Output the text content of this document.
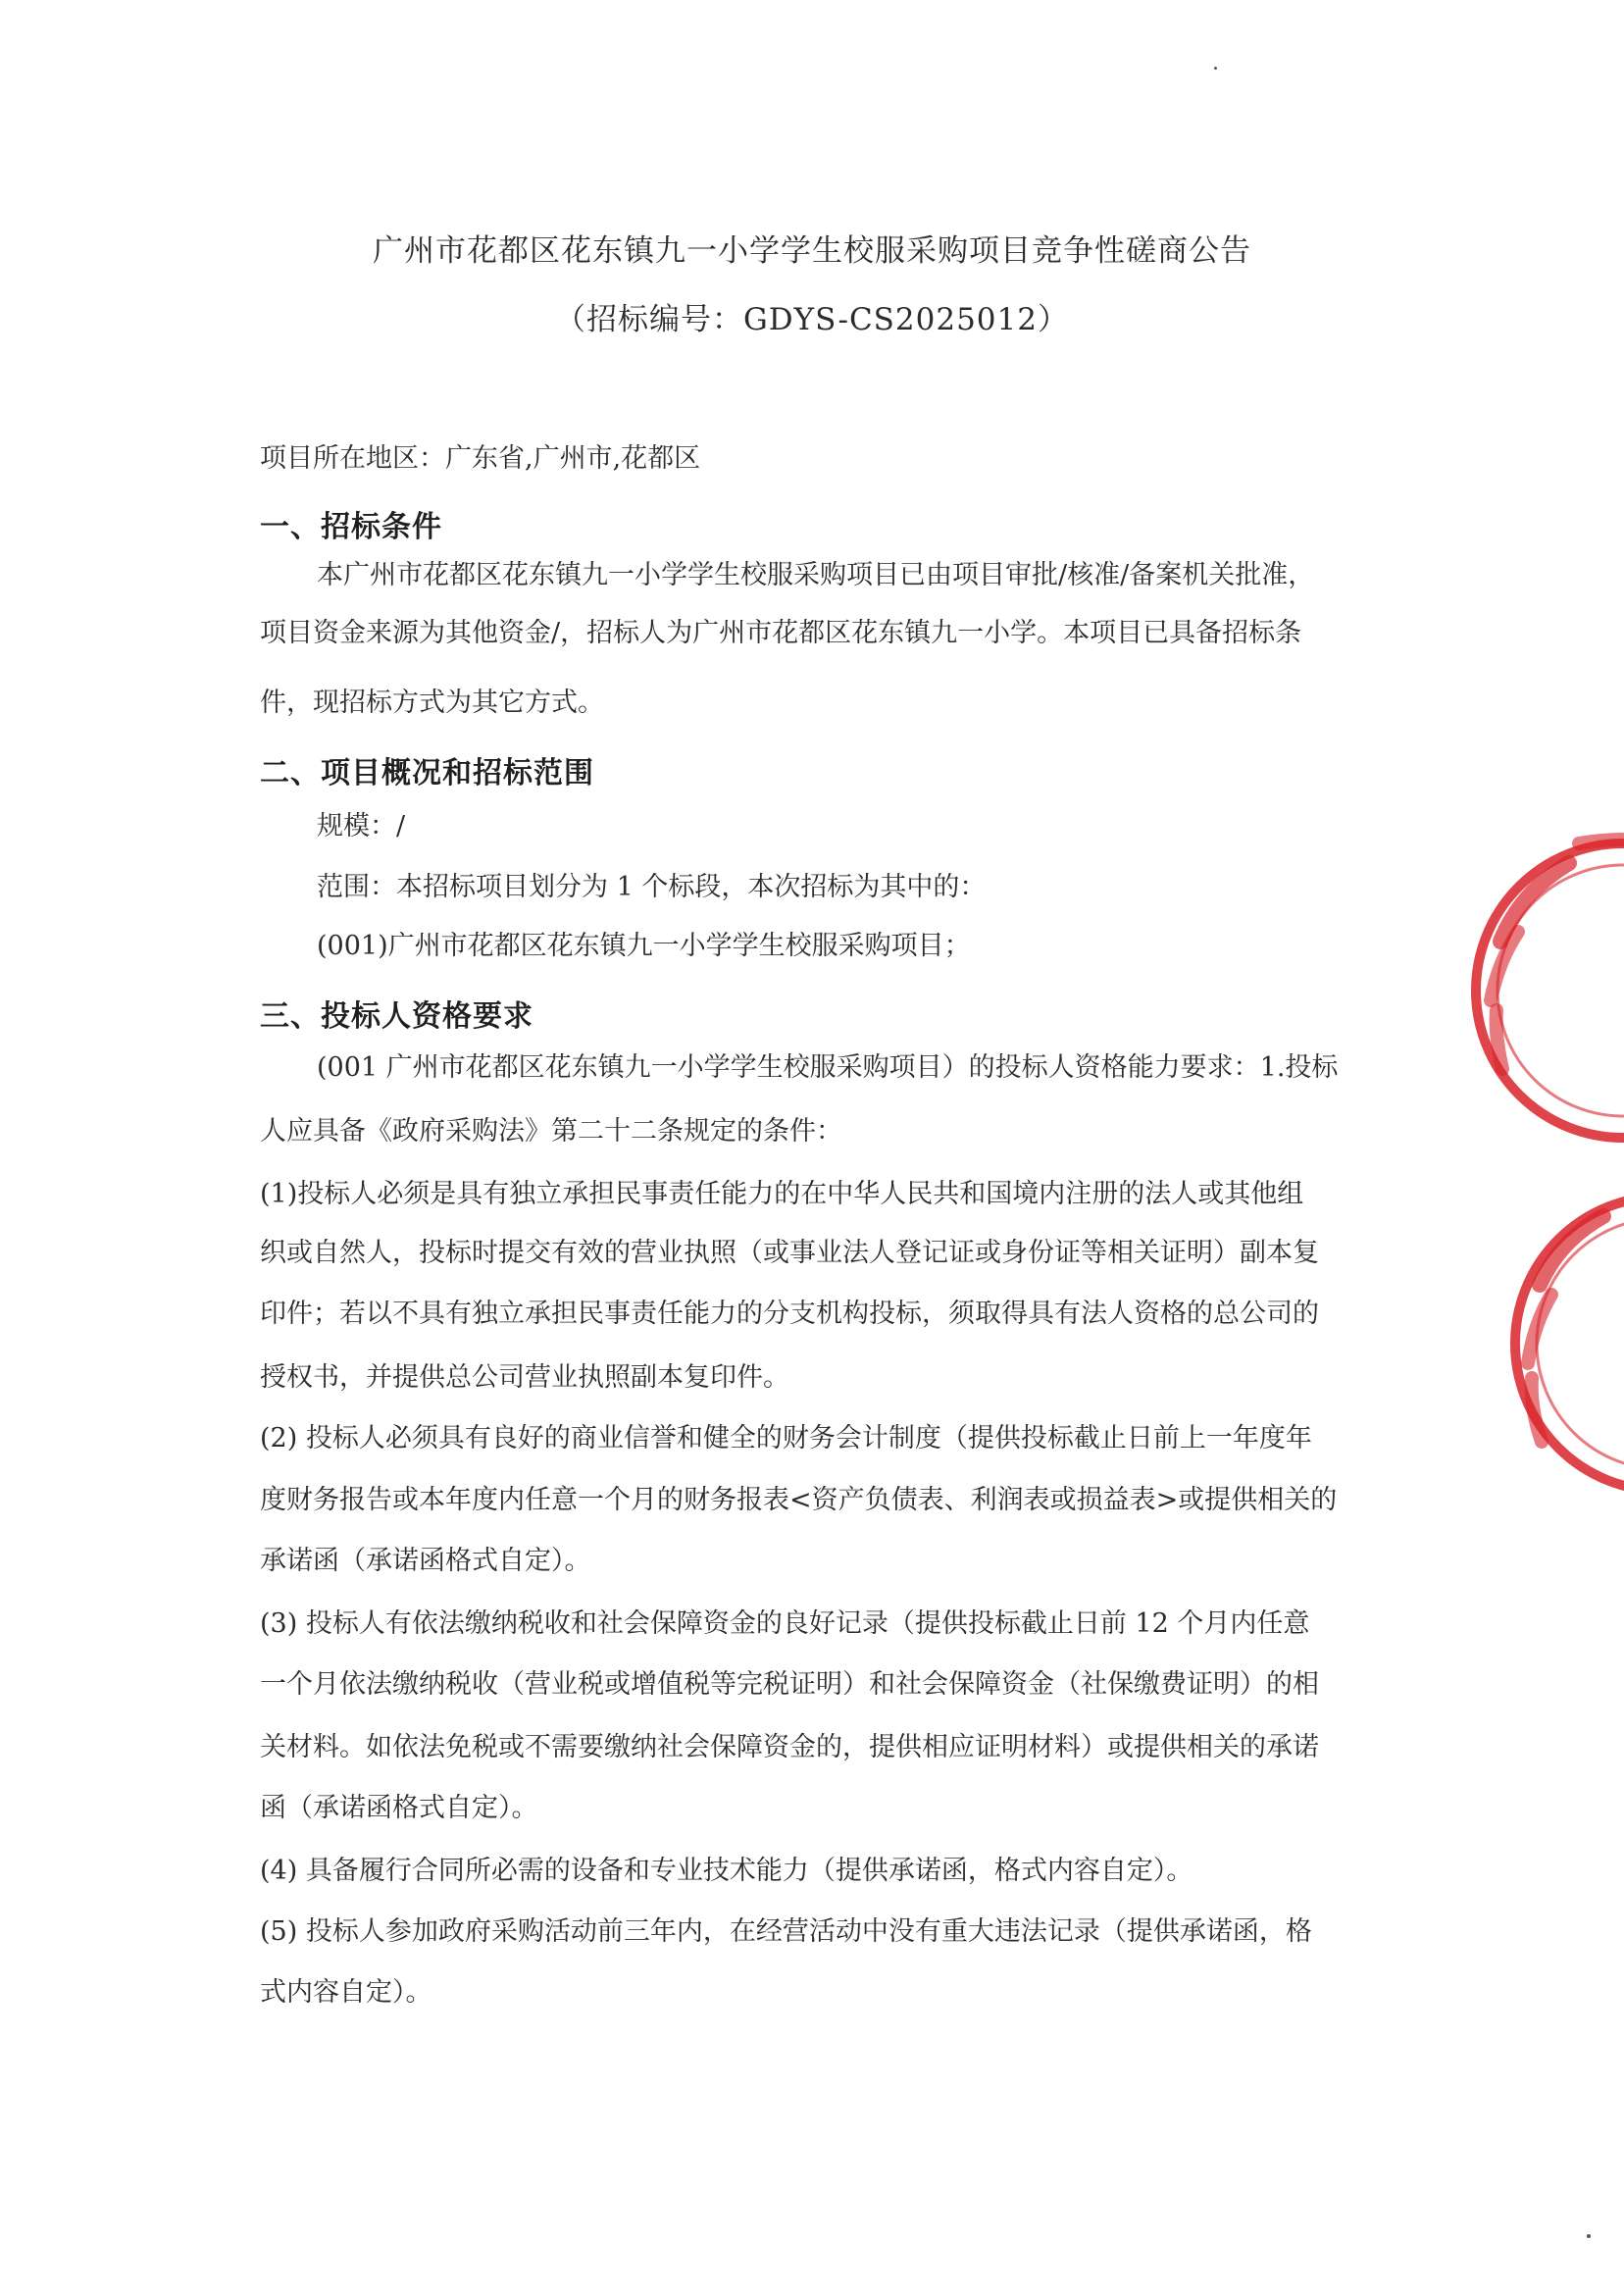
广州市花都区花东镇九一小学学生校服采购项目竞争性磋商公告
（招标编号：GDYS-CS2025012）
项目所在地区：广东省,广州市,花都区
一、招标条件
本广州市花都区花东镇九一小学学生校服采购项目已由项目审批/核准/备案机关批准，
项目资金来源为其他资金/，招标人为广州市花都区花东镇九一小学。本项目已具备招标条
件，现招标方式为其它方式。
二、项目概况和招标范围
规模：/
范围：本招标项目划分为 1 个标段，本次招标为其中的：
(001)广州市花都区花东镇九一小学学生校服采购项目；
三、投标人资格要求
(001 广州市花都区花东镇九一小学学生校服采购项目）的投标人资格能力要求：1.投标
人应具备《政府采购法》第二十二条规定的条件：
(1)投标人必须是具有独立承担民事责任能力的在中华人民共和国境内注册的法人或其他组
织或自然人，投标时提交有效的营业执照（或事业法人登记证或身份证等相关证明）副本复
印件；若以不具有独立承担民事责任能力的分支机构投标，须取得具有法人资格的总公司的
授权书，并提供总公司营业执照副本复印件。
(2) 投标人必须具有良好的商业信誉和健全的财务会计制度（提供投标截止日前上一年度年
度财务报告或本年度内任意一个月的财务报表<资产负债表、利润表或损益表>或提供相关的
承诺函（承诺函格式自定）。
(3) 投标人有依法缴纳税收和社会保障资金的良好记录（提供投标截止日前 12 个月内任意
一个月依法缴纳税收（营业税或增值税等完税证明）和社会保障资金（社保缴费证明）的相
关材料。如依法免税或不需要缴纳社会保障资金的，提供相应证明材料）或提供相关的承诺
函（承诺函格式自定）。
(4) 具备履行合同所必需的设备和专业技术能力（提供承诺函，格式内容自定）。
(5) 投标人参加政府采购活动前三年内，在经营活动中没有重大违法记录（提供承诺函，格
式内容自定）。
